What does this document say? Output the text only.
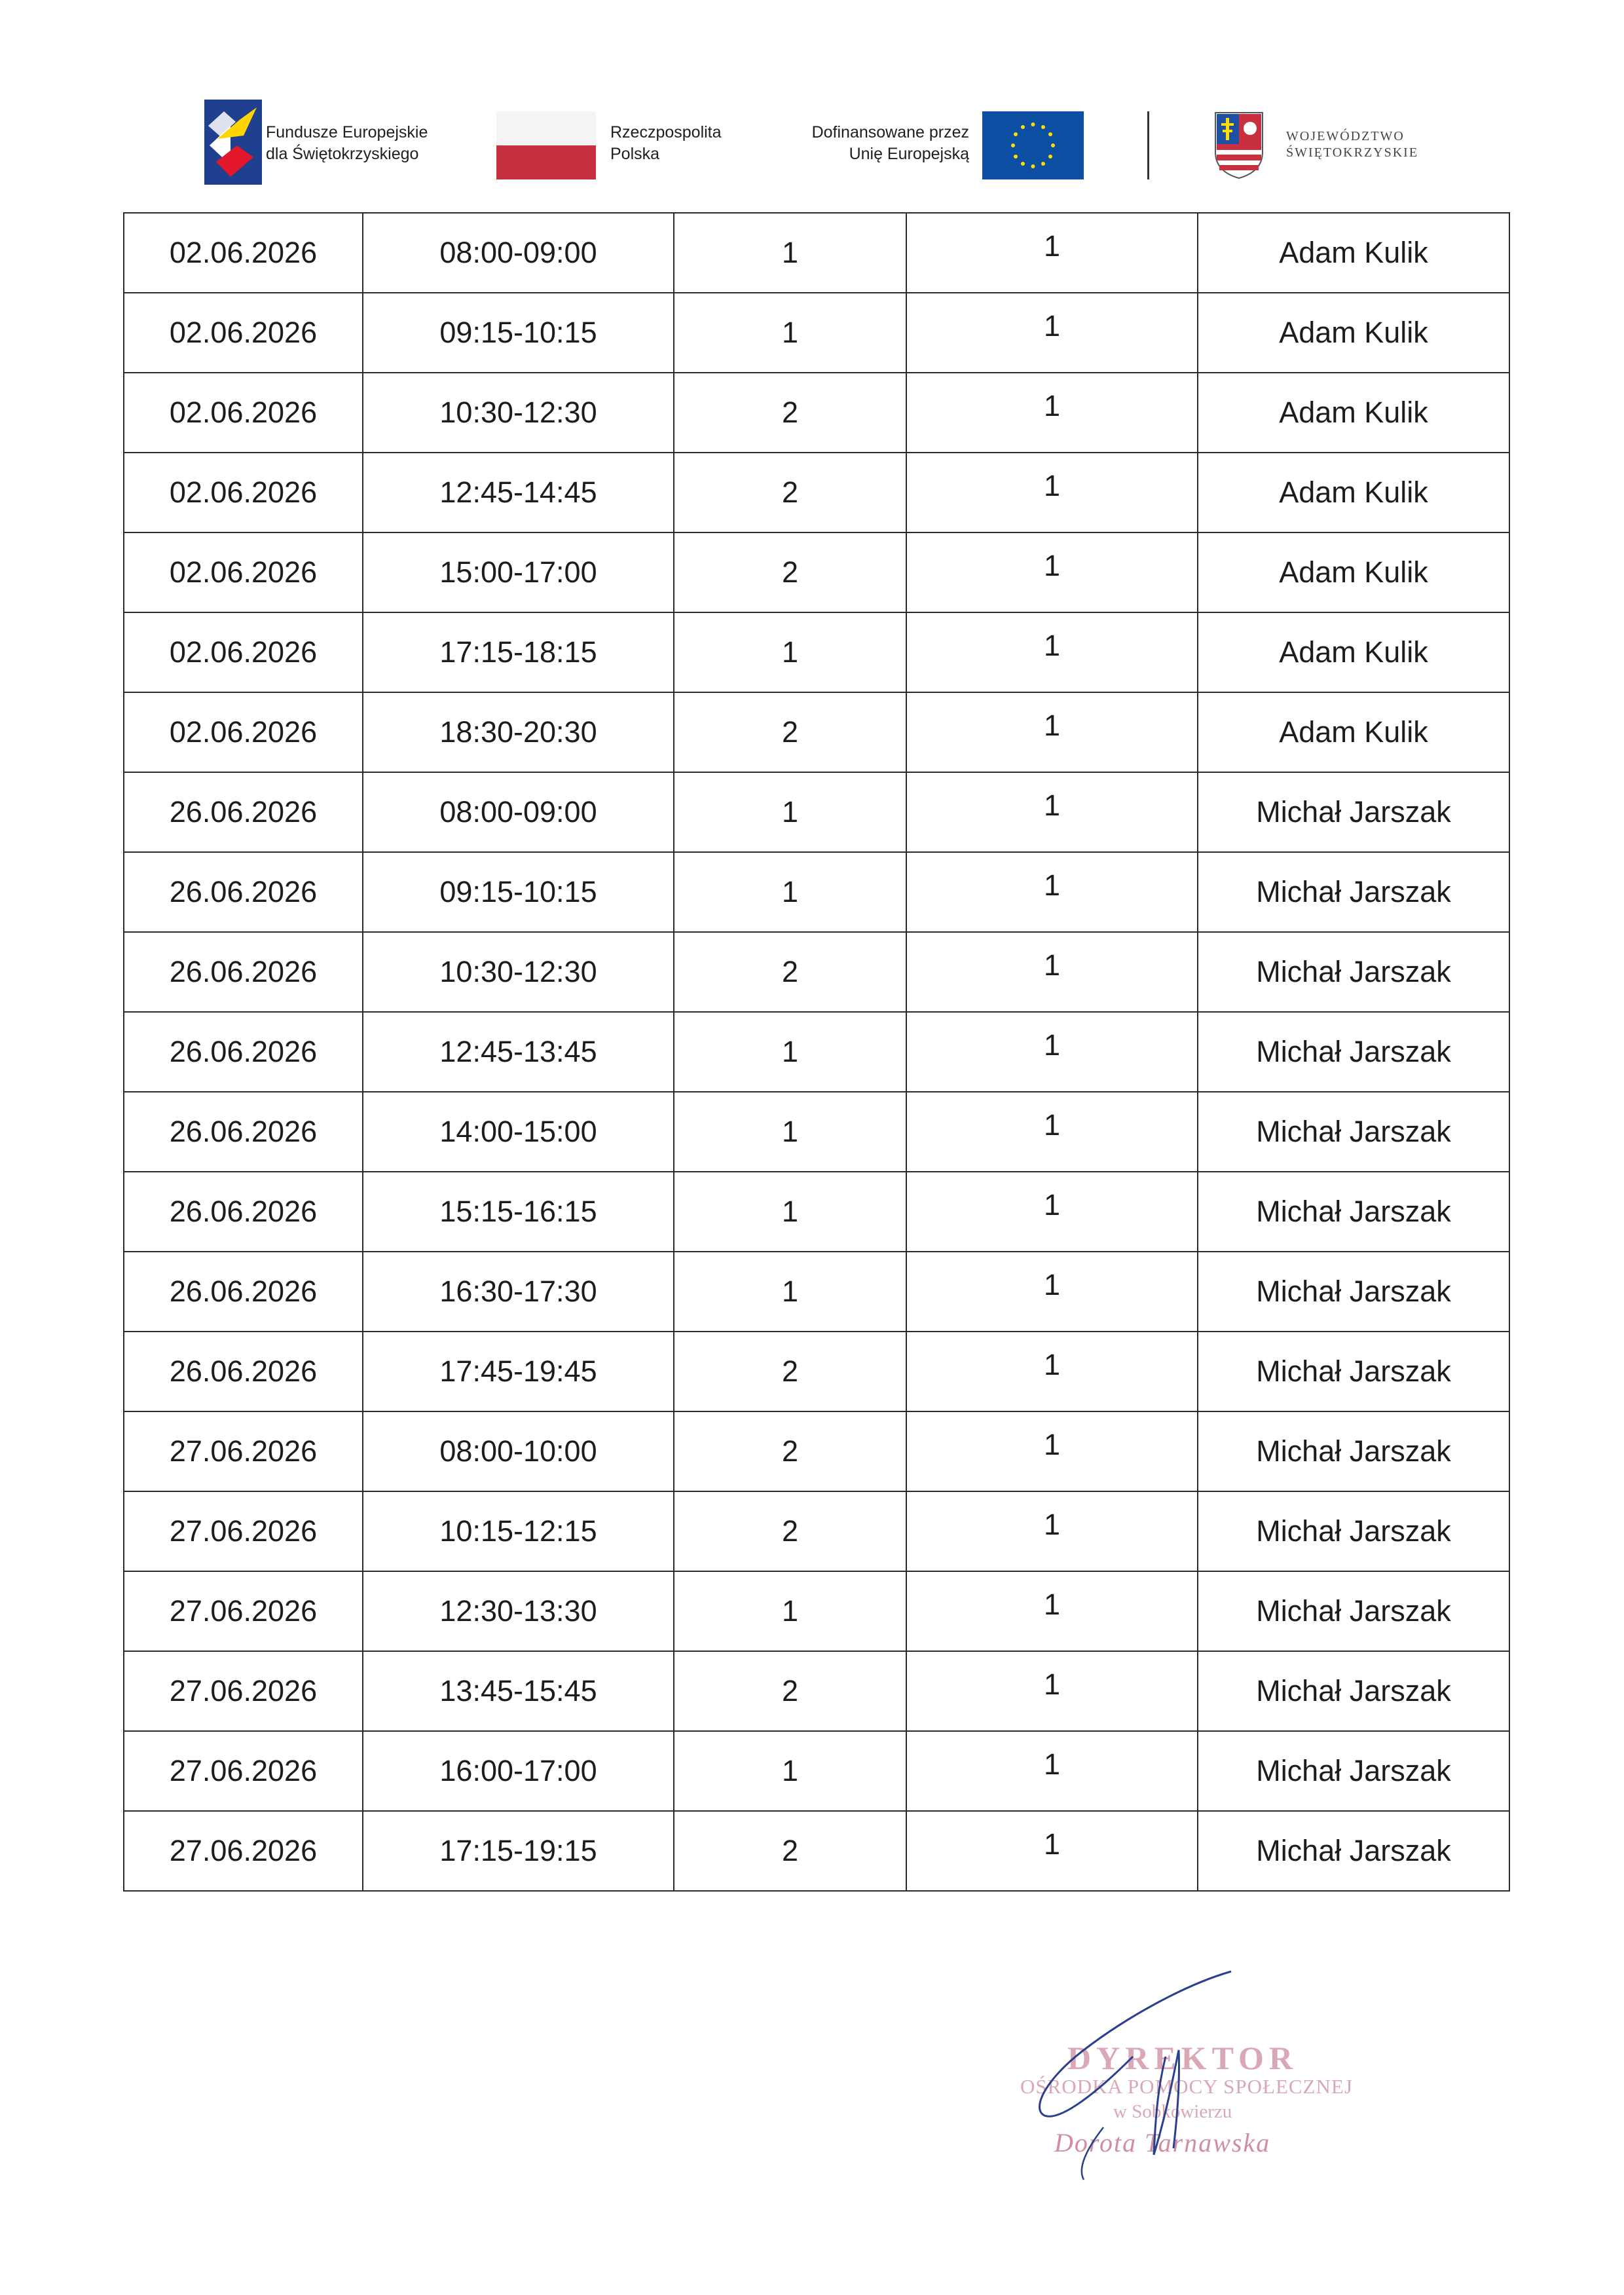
Fundusze Europejskie
dla Świętokrzyskiego
Rzeczpospolita
Polska
Dofinansowane przez
Unię Europejską
WOJEWÓDZTWO
ŚWIĘTOKRZYSKIE
02.06.2026	08:00-09:00	1	1	Adam Kulik
02.06.2026	09:15-10:15	1	1	Adam Kulik
02.06.2026	10:30-12:30	2	1	Adam Kulik
02.06.2026	12:45-14:45	2	1	Adam Kulik
02.06.2026	15:00-17:00	2	1	Adam Kulik
02.06.2026	17:15-18:15	1	1	Adam Kulik
02.06.2026	18:30-20:30	2	1	Adam Kulik
26.06.2026	08:00-09:00	1	1	Michał Jarszak
26.06.2026	09:15-10:15	1	1	Michał Jarszak
26.06.2026	10:30-12:30	2	1	Michał Jarszak
26.06.2026	12:45-13:45	1	1	Michał Jarszak
26.06.2026	14:00-15:00	1	1	Michał Jarszak
26.06.2026	15:15-16:15	1	1	Michał Jarszak
26.06.2026	16:30-17:30	1	1	Michał Jarszak
26.06.2026	17:45-19:45	2	1	Michał Jarszak
27.06.2026	08:00-10:00	2	1	Michał Jarszak
27.06.2026	10:15-12:15	2	1	Michał Jarszak
27.06.2026	12:30-13:30	1	1	Michał Jarszak
27.06.2026	13:45-15:45	2	1	Michał Jarszak
27.06.2026	16:00-17:00	1	1	Michał Jarszak
27.06.2026	17:15-19:15	2	1	Michał Jarszak
DYREKTOR
OŚRODKA POMOCY SPOŁECZNEJ
w Sobkowierzu
Dorota Tarnawska
